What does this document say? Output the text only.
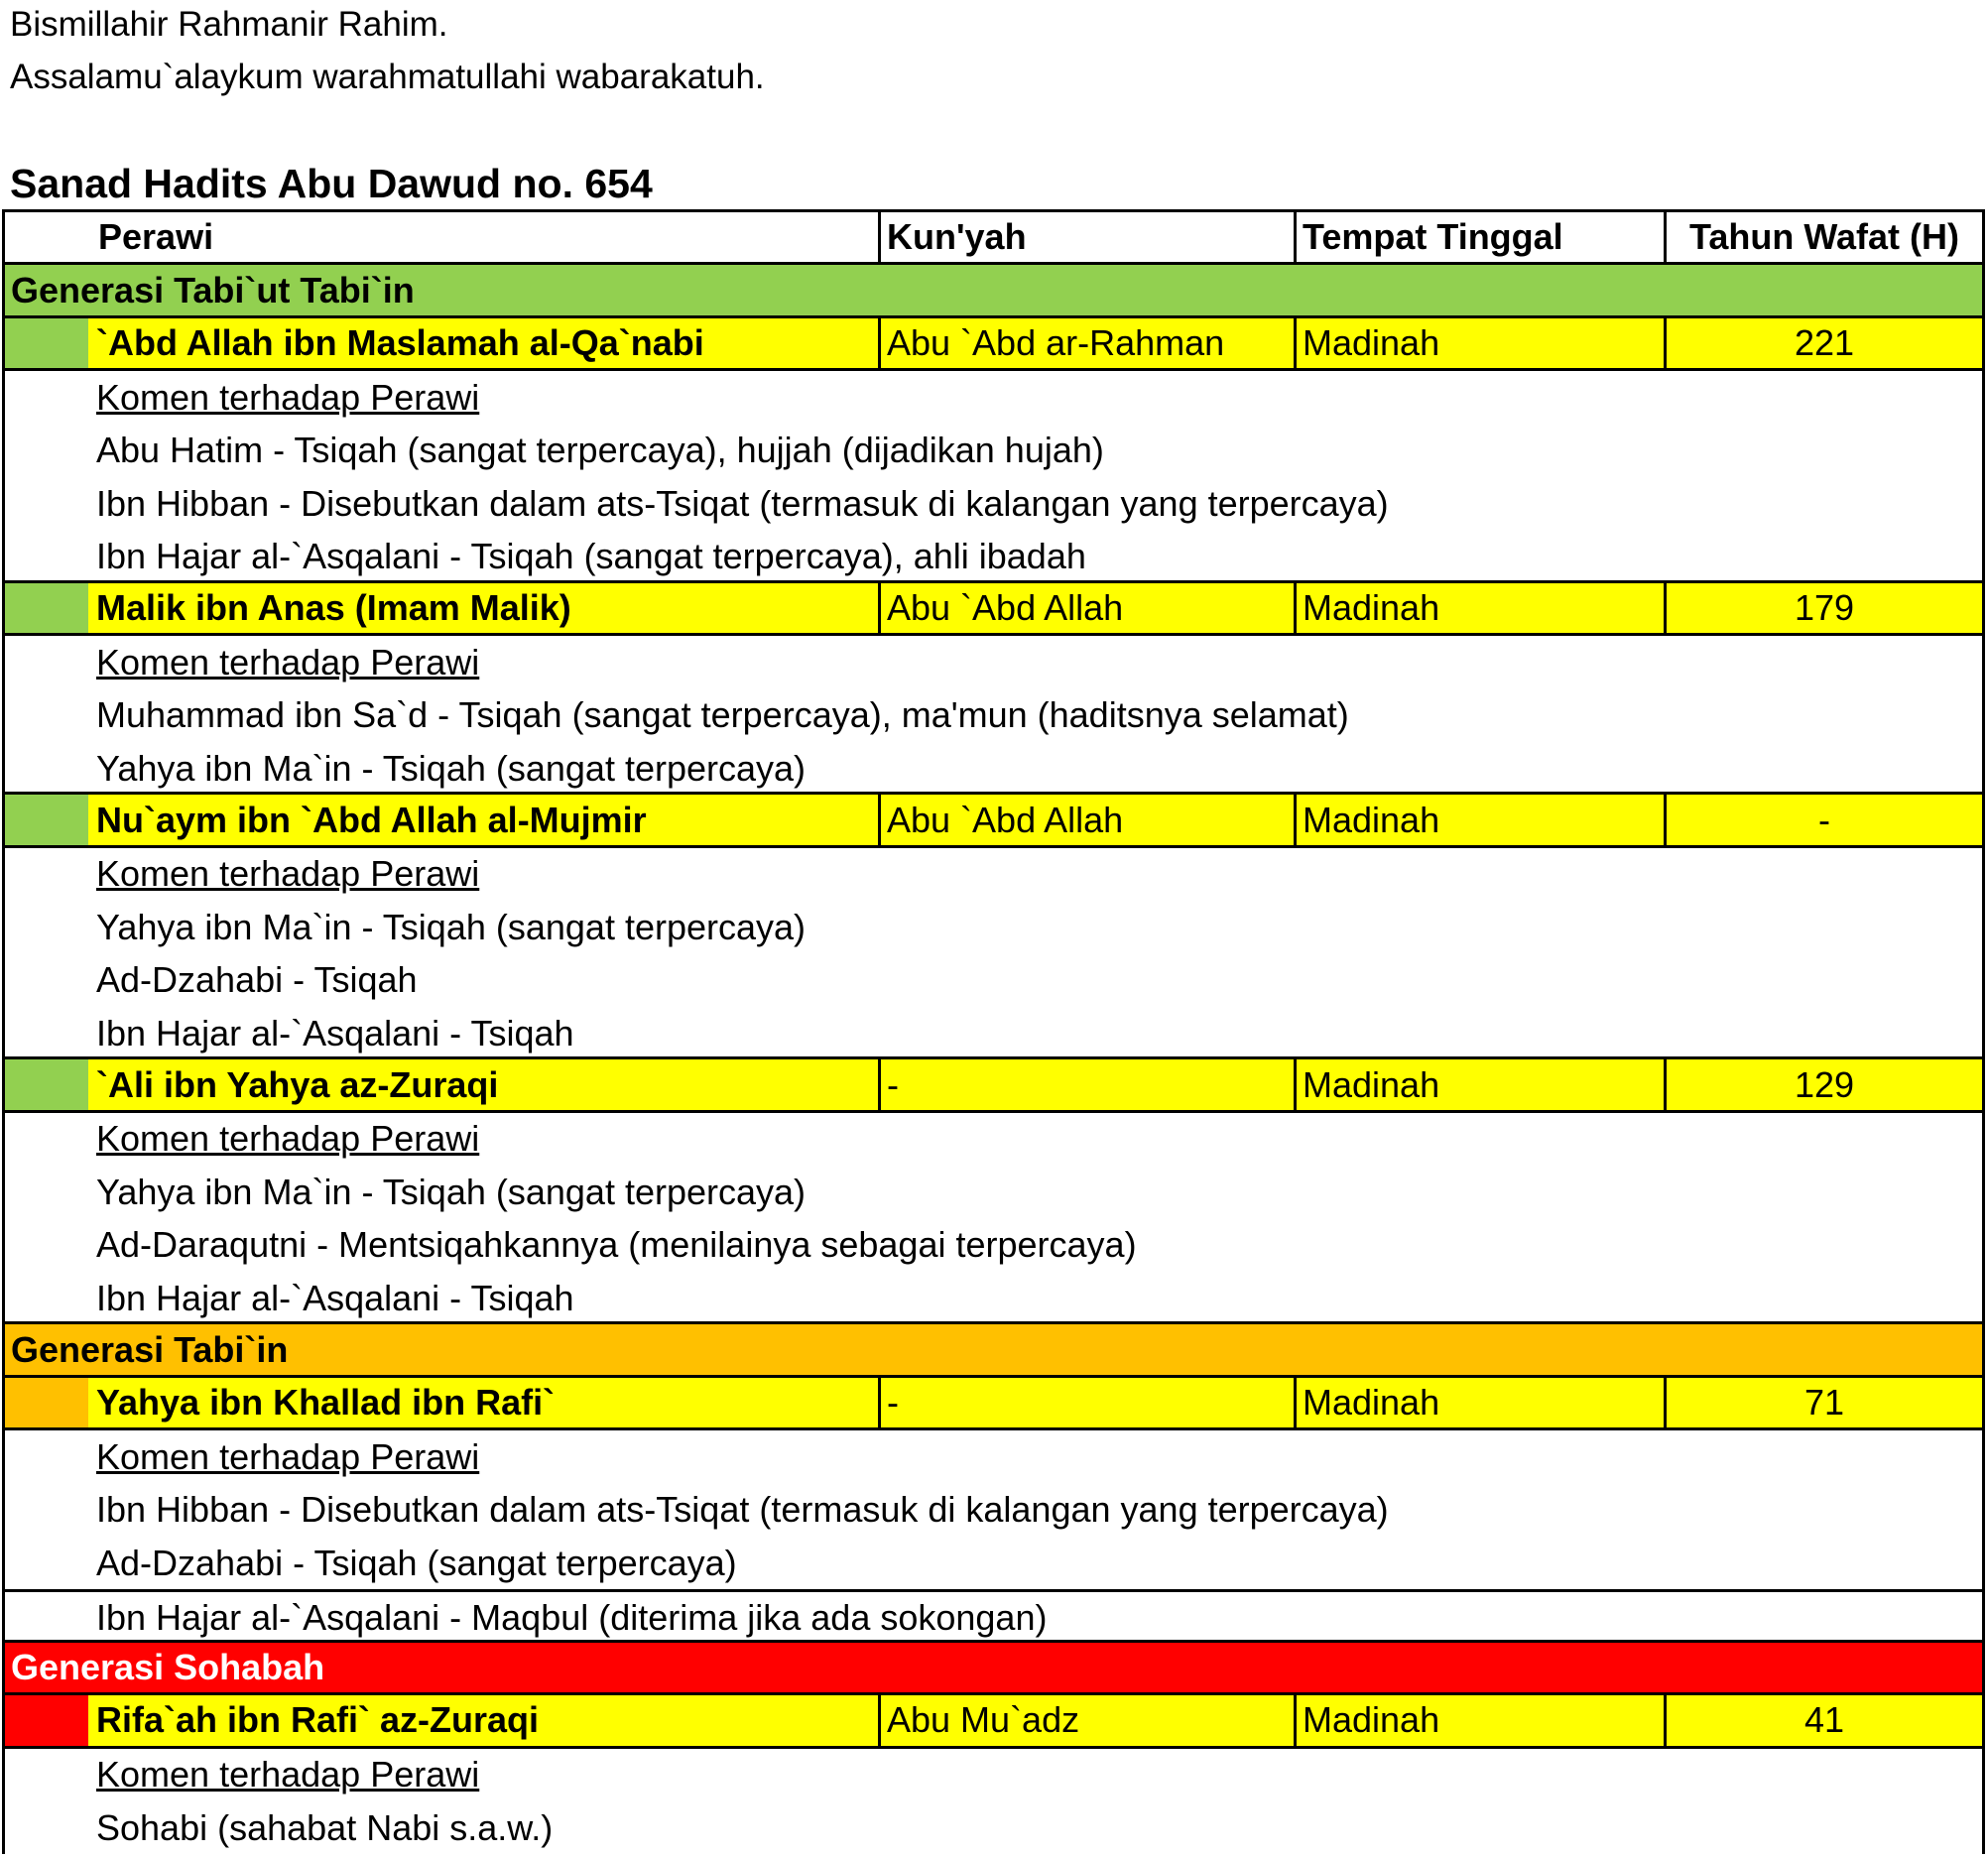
Bismillahir Rahmanir Rahim.
Assalamu`alaykum warahmatullahi wabarakatuh.
Sanad Hadits Abu Dawud no. 654
Perawi	Kun'yah	Tempat Tinggal	Tahun Wafat (H)
Generasi Tabi`ut Tabi`in
`Abd Allah ibn Maslamah al-Qa`nabi	Abu `Abd ar-Rahman	Madinah	221
Komen terhadap Perawi
Abu Hatim - Tsiqah (sangat terpercaya), hujjah (dijadikan hujah)
Ibn Hibban - Disebutkan dalam ats-Tsiqat (termasuk di kalangan yang terpercaya)
Ibn Hajar al-`Asqalani - Tsiqah (sangat terpercaya), ahli ibadah
Malik ibn Anas (Imam Malik)	Abu `Abd Allah	Madinah	179
Komen terhadap Perawi
Muhammad ibn Sa`d - Tsiqah (sangat terpercaya), ma'mun (haditsnya selamat)
Yahya ibn Ma`in - Tsiqah (sangat terpercaya)
Nu`aym ibn `Abd Allah al-Mujmir	Abu `Abd Allah	Madinah	-
Komen terhadap Perawi
Yahya ibn Ma`in - Tsiqah (sangat terpercaya)
Ad-Dzahabi - Tsiqah
Ibn Hajar al-`Asqalani - Tsiqah
`Ali ibn Yahya az-Zuraqi	-	Madinah	129
Komen terhadap Perawi
Yahya ibn Ma`in - Tsiqah (sangat terpercaya)
Ad-Daraqutni - Mentsiqahkannya (menilainya sebagai terpercaya)
Ibn Hajar al-`Asqalani - Tsiqah
Generasi Tabi`in
Yahya ibn Khallad ibn Rafi`	-	Madinah	71
Komen terhadap Perawi
Ibn Hibban - Disebutkan dalam ats-Tsiqat (termasuk di kalangan yang terpercaya)
Ad-Dzahabi - Tsiqah (sangat terpercaya)
Ibn Hajar al-`Asqalani - Maqbul (diterima jika ada sokongan)
Generasi Sohabah
Rifa`ah ibn Rafi` az-Zuraqi	Abu Mu`adz	Madinah	41
Komen terhadap Perawi
Sohabi (sahabat Nabi s.a.w.)
